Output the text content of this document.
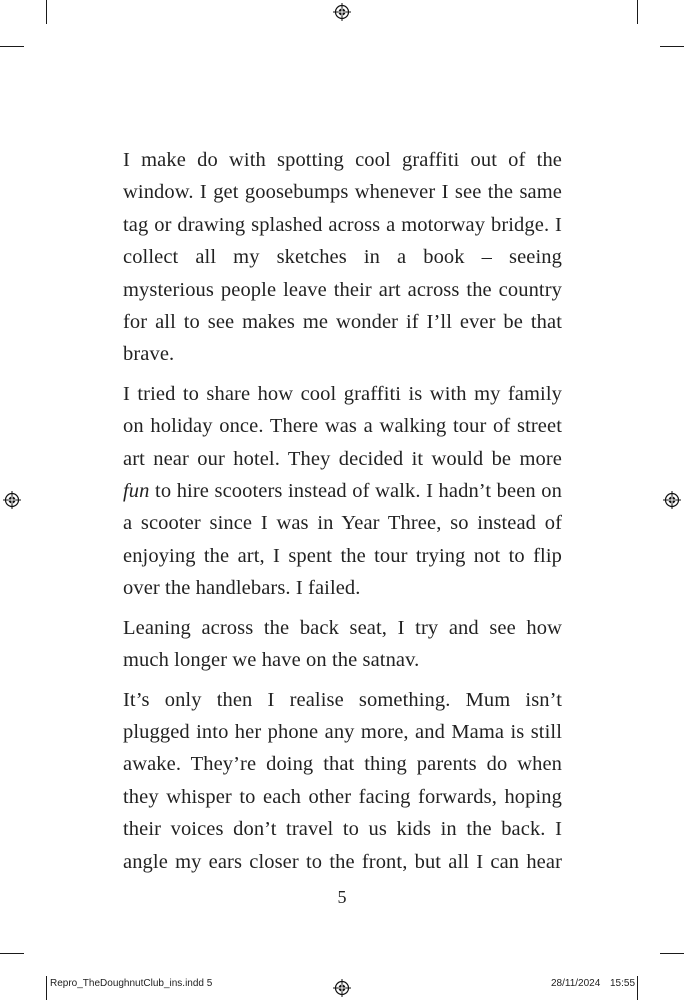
I make do with spotting cool graffiti out of the window. I get goosebumps whenever I see the same tag or drawing splashed across a motorway bridge. I collect all my sketches in a book – seeing mysterious people leave their art across the country for all to see makes me wonder if I’ll ever be that brave.

I tried to share how cool graffiti is with my family on holiday once. There was a walking tour of street art near our hotel. They decided it would be more fun to hire scooters instead of walk. I hadn’t been on a scooter since I was in Year Three, so instead of enjoying the art, I spent the tour trying not to flip over the handlebars. I failed.

Leaning across the back seat, I try and see how much longer we have on the satnav.

It’s only then I realise something. Mum isn’t plugged into her phone any more, and Mama is still awake. They’re doing that thing parents do when they whisper to each other facing forwards, hoping their voices don’t travel to us kids in the back. I angle my ears closer to the front, but all I can hear

5
Repro_TheDoughnutClub_ins.indd 5	28/11/2024 15:55
